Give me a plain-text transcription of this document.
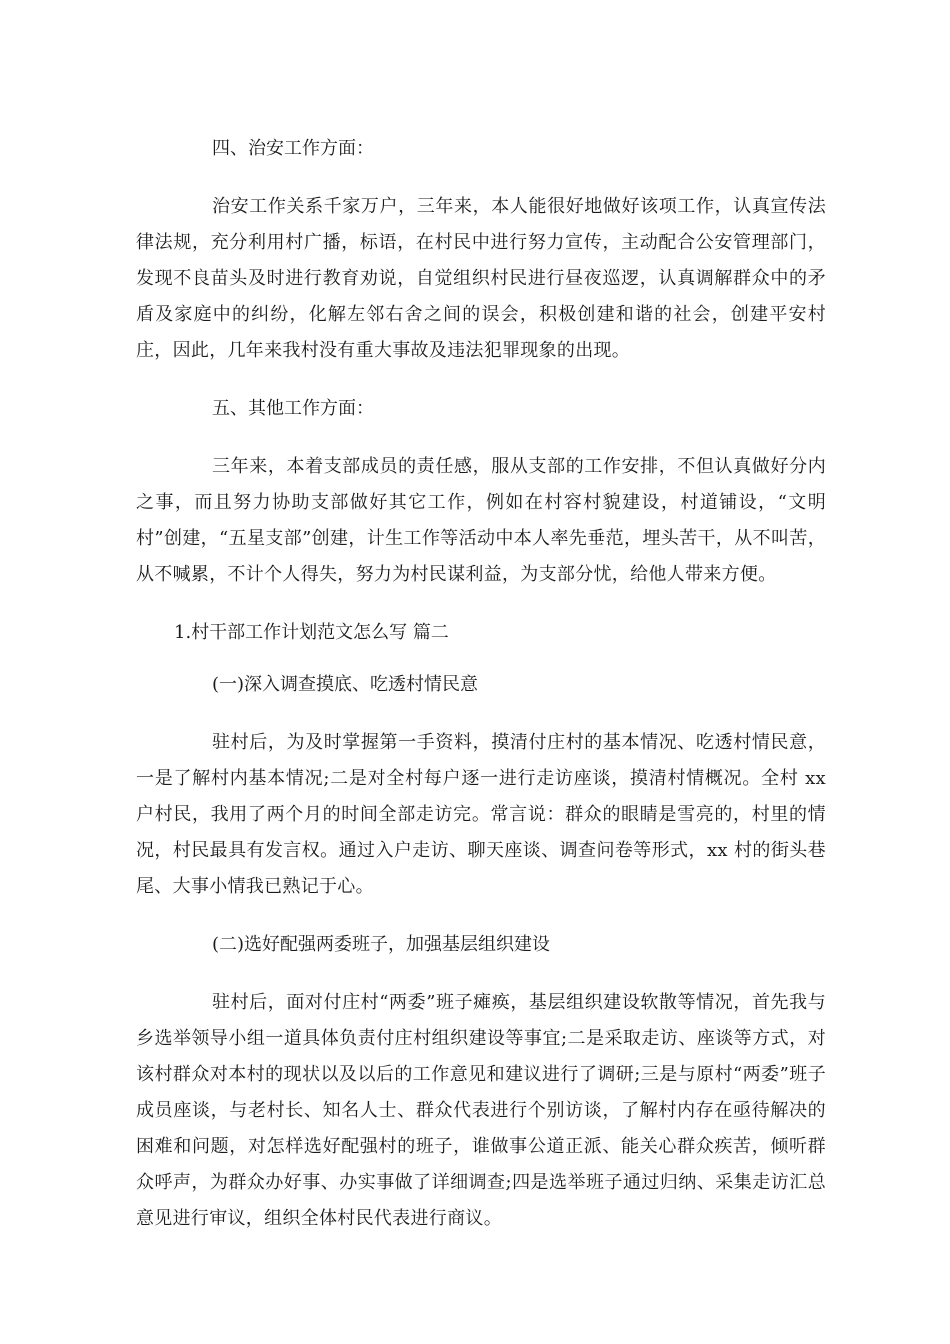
四、治安工作方面：

治安工作关系千家万户，三年来，本人能很好地做好该项工作，认真宣传法律法规，充分利用村广播，标语，在村民中进行努力宣传，主动配合公安管理部门，发现不良苗头及时进行教育劝说，自觉组织村民进行昼夜巡逻，认真调解群众中的矛盾及家庭中的纠纷，化解左邻右舍之间的误会，积极创建和谐的社会，创建平安村庄，因此，几年来我村没有重大事故及违法犯罪现象的出现。

五、其他工作方面：

三年来，本着支部成员的责任感，服从支部的工作安排，不但认真做好分内之事，而且努力协助支部做好其它工作，例如在村容村貌建设，村道铺设，“文明村”创建，“五星支部”创建，计生工作等活动中本人率先垂范，埋头苦干，从不叫苦，从不喊累，不计个人得失，努力为村民谋利益，为支部分忧，给他人带来方便。

1.村干部工作计划范文怎么写 篇二

(一)深入调查摸底、吃透村情民意

驻村后，为及时掌握第一手资料，摸清付庄村的基本情况、吃透村情民意，一是了解村内基本情况;二是对全村每户逐一进行走访座谈，摸清村情概况。全村 xx 户村民，我用了两个月的时间全部走访完。常言说：群众的眼睛是雪亮的，村里的情况，村民最具有发言权。通过入户走访、聊天座谈、调查问卷等形式，xx 村的街头巷尾、大事小情我已熟记于心。

(二)选好配强两委班子，加强基层组织建设

驻村后，面对付庄村“两委”班子瘫痪，基层组织建设软散等情况，首先我与乡选举领导小组一道具体负责付庄村组织建设等事宜;二是采取走访、座谈等方式，对该村群众对本村的现状以及以后的工作意见和建议进行了调研;三是与原村“两委”班子成员座谈，与老村长、知名人士、群众代表进行个别访谈，了解村内存在亟待解决的困难和问题，对怎样选好配强村的班子，谁做事公道正派、能关心群众疾苦，倾听群众呼声，为群众办好事、办实事做了详细调查;四是选举班子通过归纳、采集走访汇总意见进行审议，组织全体村民代表进行商议。
